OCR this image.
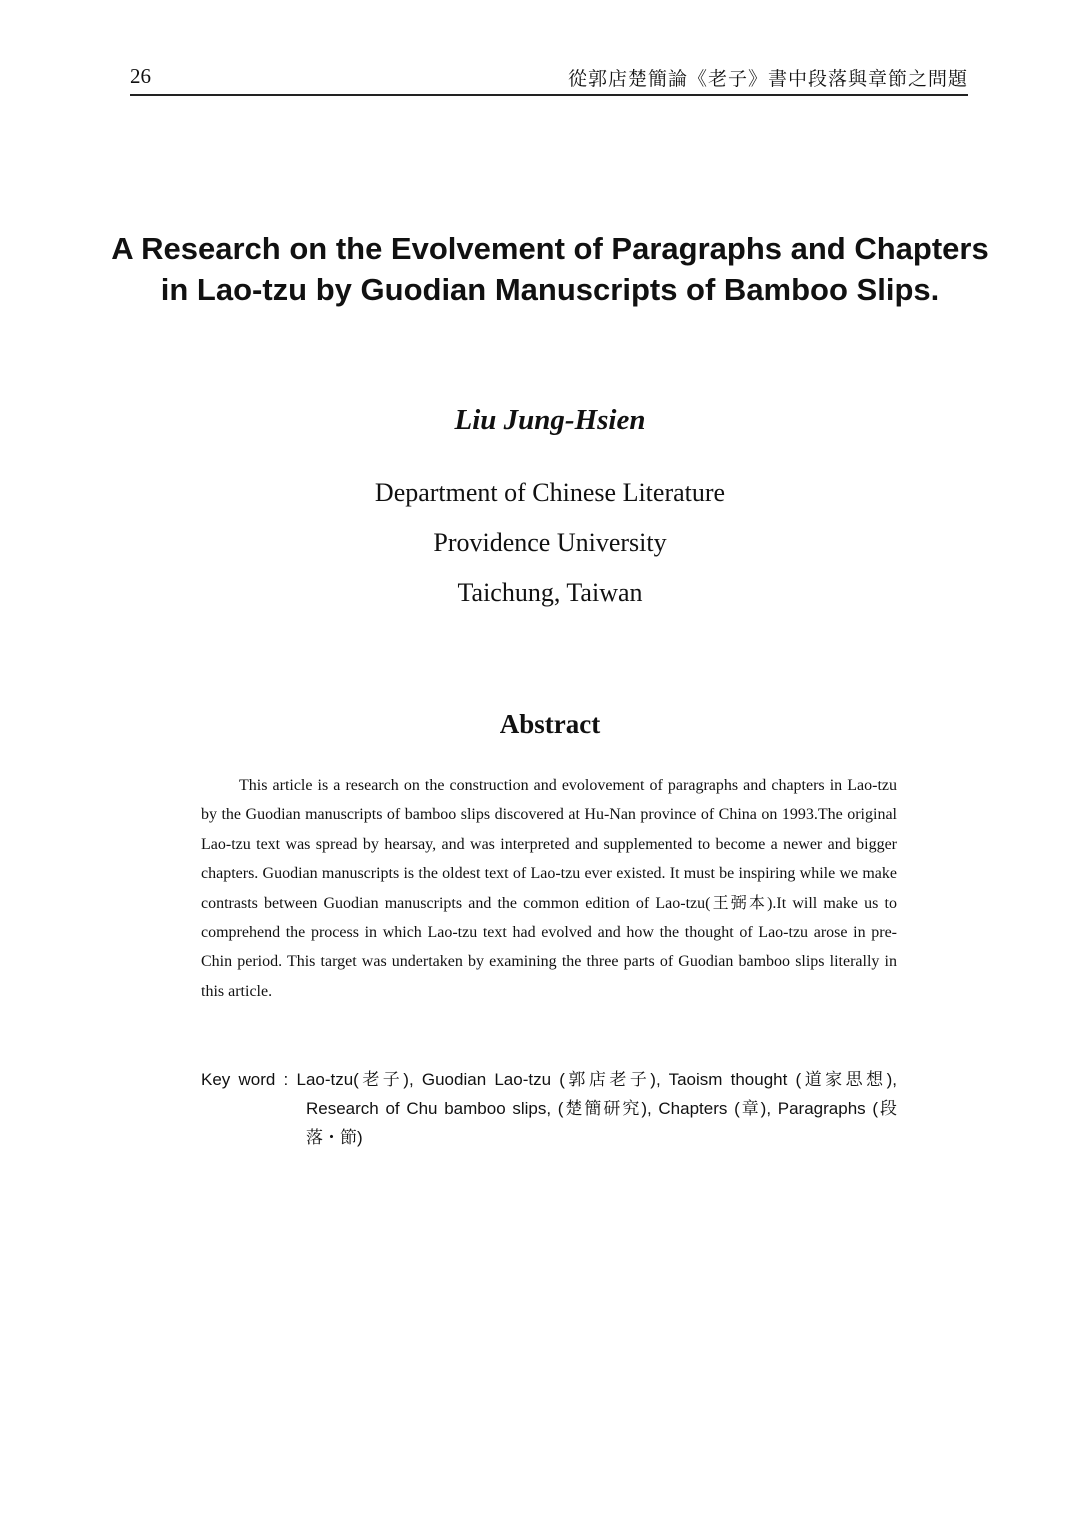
26	從郭店楚簡論《老子》書中段落與章節之問題
A Research on the Evolvement of Paragraphs and Chapters in Lao-tzu by Guodian Manuscripts of Bamboo Slips.

Liu Jung-Hsien

Department of Chinese Literature

Providence University

Taichung, Taiwan

Abstract

This article is a research on the construction and evolovement of paragraphs and chapters in Lao-tzu by the Guodian manuscripts of bamboo slips discovered at Hu-Nan province of China on 1993.The original Lao-tzu text was spread by hearsay, and was interpreted and supplemented to become a newer and bigger chapters. Guodian manuscripts is the oldest text of Lao-tzu ever existed. It must be inspiring while we make contrasts between Guodian manuscripts and the common edition of Lao-tzu(王弼本).It will make us to comprehend the process in which Lao-tzu text had evolved and how the thought of Lao-tzu arose in pre-Chin period. This target was undertaken by examining the three parts of Guodian bamboo slips literally in this article.

Key word : Lao-tzu(老子), Guodian Lao-tzu (郭店老子), Taoism thought (道家思想), Research of Chu bamboo slips, (楚簡研究), Chapters (章), Paragraphs (段落・節)
